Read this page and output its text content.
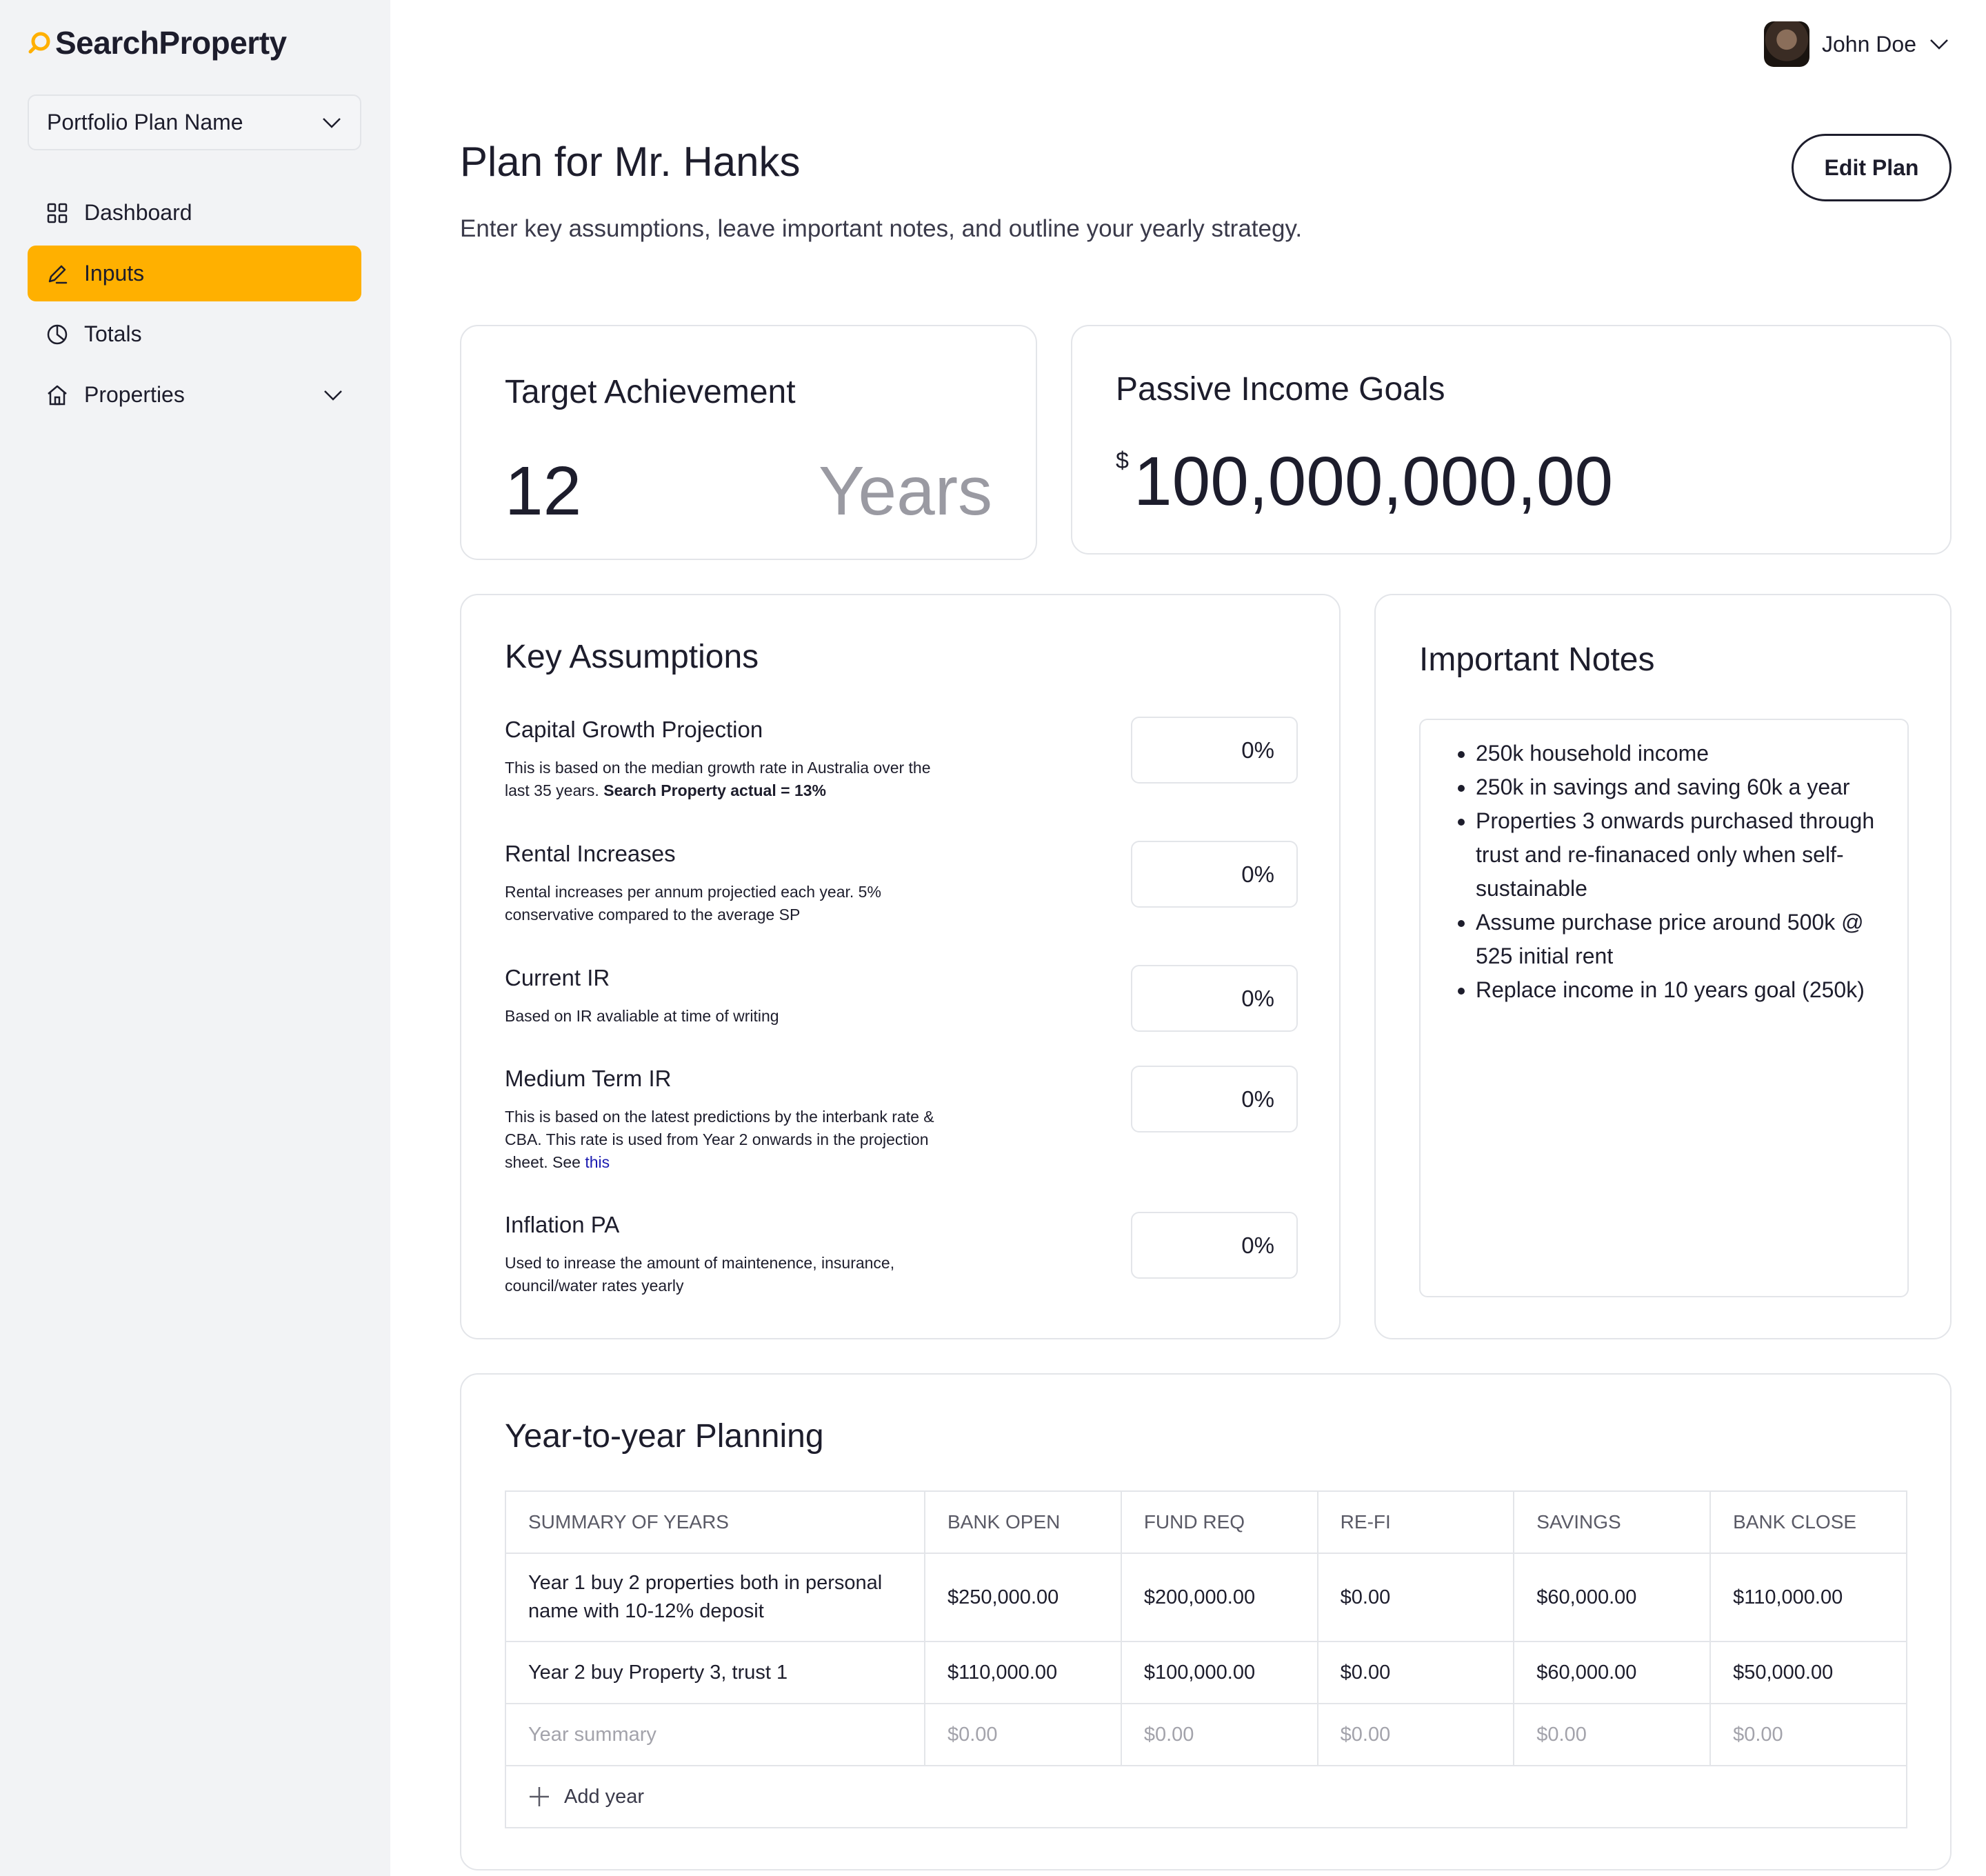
SearchProperty
Portfolio Plan Name
Dashboard
Inputs
Totals
Properties
John Doe
Plan for Mr. Hanks

Enter key assumptions, leave important notes, and outline your yearly strategy.

Edit Plan
Target Achievement
12	Years
Passive Income Goals
$ 100,000,000,00
Key Assumptions
Capital Growth Projection
This is based on the median growth rate in Australia over the last 35 years. Search Property actual = 13%
0%
Rental Increases
Rental increases per annum projectied each year. 5% conservative compared to the average SP
0%
Current IR
Based on IR avaliable at time of writing
0%
Medium Term IR
This is based on the latest predictions by the interbank rate & CBA. This rate is used from Year 2 onwards in the projection sheet. See this
0%
Inflation PA
Used to inrease the amount of maintenence, insurance, council/water rates yearly
0%
Important Notes
• 250k household income
• 250k in savings and saving 60k a year
• Properties 3 onwards purchased through trust and re-finanaced only when self-sustainable
• Assume purchase price around 500k @ 525 initial rent
• Replace income in 10 years goal (250k)
Year-to-year Planning
SUMMARY OF YEARS	BANK OPEN	FUND REQ	RE-FI	SAVINGS	BANK CLOSE
Year 1 buy 2 properties both in personal name with 10-12% deposit	$250,000.00	$200,000.00	$0.00	$60,000.00	$110,000.00
Year 2 buy Property 3, trust 1	$110,000.00	$100,000.00	$0.00	$60,000.00	$50,000.00
Year summary	$0.00	$0.00	$0.00	$0.00	$0.00

Add year					
